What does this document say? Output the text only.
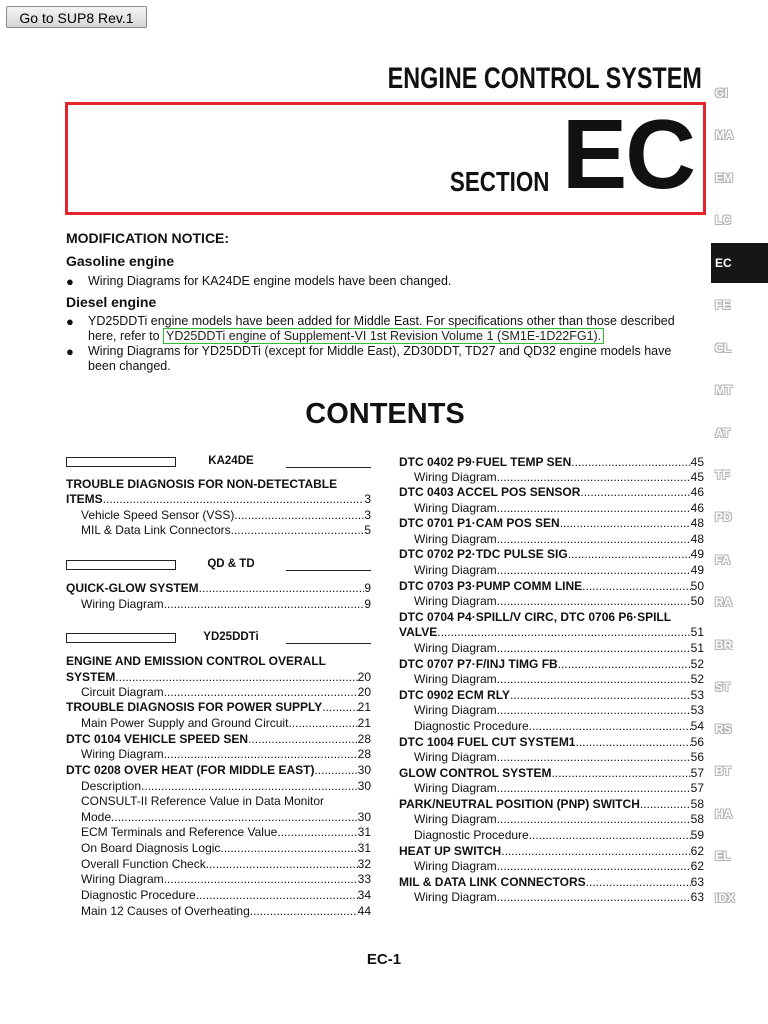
Go to SUP8 Rev.1
ENGINE CONTROL SYSTEM
SECTION EC
GI
MA
EM
LC
EC
FE
CL
MT
AT
TF
PD
FA
RA
BR
ST
RS
BT
HA
EL
IDX
MODIFICATION NOTICE:
Gasoline engine
● Wiring Diagrams for KA24DE engine models have been changed.
Diesel engine
● YD25DDTi engine models have been added for Middle East. For specifications other than those described
here, refer to YD25DDTi engine of Supplement-VI 1st Revision Volume 1 (SM1E-1D22FG1).
● Wiring Diagrams for YD25DDTi (except for Middle East), ZD30DDT, TD27 and QD32 engine models have
been changed.
CONTENTS
KA24DE
TROUBLE DIAGNOSIS FOR NON-DETECTABLE
ITEMS .....	3
Vehicle Speed Sensor (VSS) .....	3
MIL & Data Link Connectors .....	5
QD & TD
QUICK-GLOW SYSTEM .....	9
Wiring Diagram .....	9
YD25DDTi
ENGINE AND EMISSION CONTROL OVERALL
SYSTEM .....	20
Circuit Diagram .....	20
TROUBLE DIAGNOSIS FOR POWER SUPPLY .....	21
Main Power Supply and Ground Circuit .....	21
DTC 0104 VEHICLE SPEED SEN .....	28
Wiring Diagram .....	28
DTC 0208 OVER HEAT (FOR MIDDLE EAST) .....	30
Description .....	30
CONSULT-II Reference Value in Data Monitor
Mode .....	30
ECM Terminals and Reference Value .....	31
On Board Diagnosis Logic .....	31
Overall Function Check .....	32
Wiring Diagram .....	33
Diagnostic Procedure .....	34
Main 12 Causes of Overheating .....	44
DTC 0402 P9·FUEL TEMP SEN .....	45
Wiring Diagram .....	45
DTC 0403 ACCEL POS SENSOR .....	46
Wiring Diagram .....	46
DTC 0701 P1·CAM POS SEN .....	48
Wiring Diagram .....	48
DTC 0702 P2·TDC PULSE SIG .....	49
Wiring Diagram .....	49
DTC 0703 P3·PUMP COMM LINE .....	50
Wiring Diagram .....	50
DTC 0704 P4·SPILL/V CIRC, DTC 0706 P6·SPILL
VALVE .....	51
Wiring Diagram .....	51
DTC 0707 P7·F/INJ TIMG FB .....	52
Wiring Diagram .....	52
DTC 0902 ECM RLY .....	53
Wiring Diagram .....	53
Diagnostic Procedure .....	54
DTC 1004 FUEL CUT SYSTEM1 .....	56
Wiring Diagram .....	56
GLOW CONTROL SYSTEM .....	57
Wiring Diagram .....	57
PARK/NEUTRAL POSITION (PNP) SWITCH .....	58
Wiring Diagram .....	58
Diagnostic Procedure .....	59
HEAT UP SWITCH .....	62
Wiring Diagram .....	62
MIL & DATA LINK CONNECTORS .....	63
Wiring Diagram .....	63
EC-1
